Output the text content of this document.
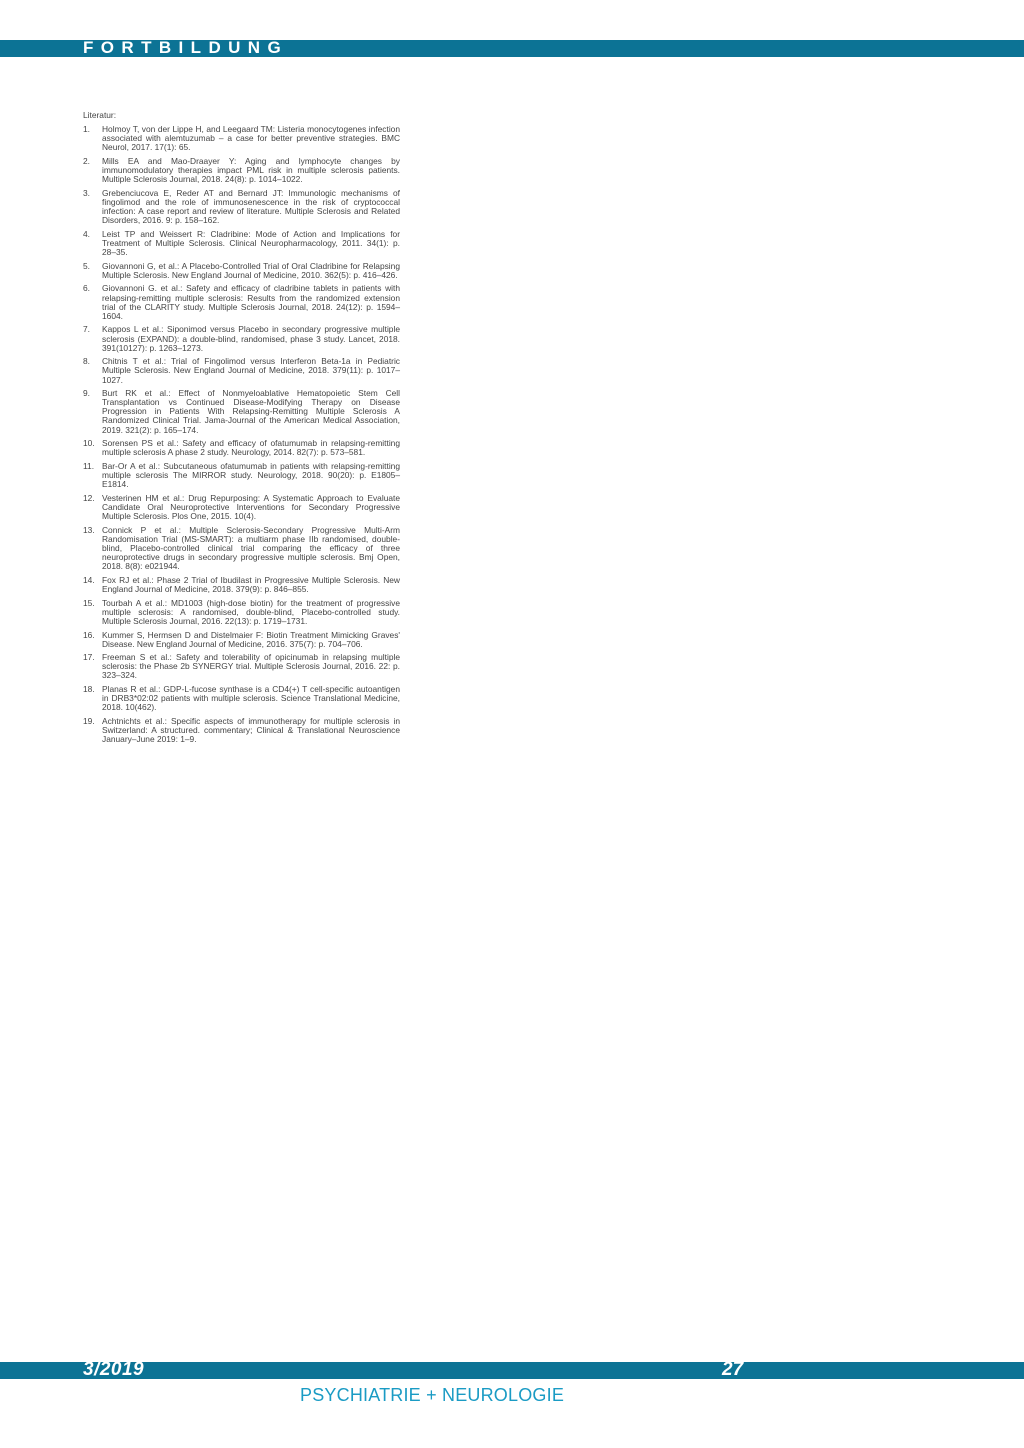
FORTBILDUNG
Literatur:
1. Holmoy T, von der Lippe H, and Leegaard TM: Listeria monocytogenes infection associated with alemtuzumab – a case for better preventive strategies. BMC Neurol, 2017. 17(1): 65.
2. Mills EA and Mao-Draayer Y: Aging and lymphocyte changes by immunomodulatory therapies impact PML risk in multiple sclerosis patients. Multiple Sclerosis Journal, 2018. 24(8): p. 1014–1022.
3. Grebenciucova E, Reder AT and Bernard JT: Immunologic mechanisms of fingolimod and the role of immunosenescence in the risk of cryptococcal infection: A case report and review of literature. Multiple Sclerosis and Related Disorders, 2016. 9: p. 158–162.
4. Leist TP and Weissert R: Cladribine: Mode of Action and Implications for Treatment of Multiple Sclerosis. Clinical Neuropharmacology, 2011. 34(1): p. 28–35.
5. Giovannoni G, et al.: A Placebo-Controlled Trial of Oral Cladribine for Relapsing Multiple Sclerosis. New England Journal of Medicine, 2010. 362(5): p. 416–426.
6. Giovannoni G. et al.: Safety and efficacy of cladribine tablets in patients with relapsing-remitting multiple sclerosis: Results from the randomized extension trial of the CLARITY study. Multiple Sclerosis Journal, 2018. 24(12): p. 1594–1604.
7. Kappos L et al.: Siponimod versus Placebo in secondary progressive multiple sclerosis (EXPAND): a double-blind, randomised, phase 3 study. Lancet, 2018. 391(10127): p. 1263–1273.
8. Chitnis T et al.: Trial of Fingolimod versus Interferon Beta-1a in Pediatric Multiple Sclerosis. New England Journal of Medicine, 2018. 379(11): p. 1017–1027.
9. Burt RK et al.: Effect of Nonmyeloablative Hematopoietic Stem Cell Transplantation vs Continued Disease-Modifying Therapy on Disease Progression in Patients With Relapsing-Remitting Multiple Sclerosis A Randomized Clinical Trial. Jama-Journal of the American Medical Association, 2019. 321(2): p. 165–174.
10. Sorensen PS et al.: Safety and efficacy of ofatumumab in relapsing-remitting multiple sclerosis A phase 2 study. Neurology, 2014. 82(7): p. 573–581.
11. Bar-Or A et al.: Subcutaneous ofatumumab in patients with relapsing-remitting multiple sclerosis The MIRROR study. Neurology, 2018. 90(20): p. E1805–E1814.
12. Vesterinen HM et al.: Drug Repurposing: A Systematic Approach to Evaluate Candidate Oral Neuroprotective Interventions for Secondary Progressive Multiple Sclerosis. Plos One, 2015. 10(4).
13. Connick P et al.: Multiple Sclerosis-Secondary Progressive Multi-Arm Randomisation Trial (MS-SMART): a multiarm phase IIb randomised, double-blind, Placebo-controlled clinical trial comparing the efficacy of three neuroprotective drugs in secondary progressive multiple sclerosis. Bmj Open, 2018. 8(8): e021944.
14. Fox RJ et al.: Phase 2 Trial of Ibudilast in Progressive Multiple Sclerosis. New England Journal of Medicine, 2018. 379(9): p. 846–855.
15. Tourbah A et al.: MD1003 (high-dose biotin) for the treatment of progressive multiple sclerosis: A randomised, double-blind, Placebo-controlled study. Multiple Sclerosis Journal, 2016. 22(13): p. 1719–1731.
16. Kummer S, Hermsen D and Distelmaier F: Biotin Treatment Mimicking Graves' Disease. New England Journal of Medicine, 2016. 375(7): p. 704–706.
17. Freeman S et al.: Safety and tolerability of opicinumab in relapsing multiple sclerosis: the Phase 2b SYNERGY trial. Multiple Sclerosis Journal, 2016. 22: p. 323–324.
18. Planas R et al.: GDP-L-fucose synthase is a CD4(+) T cell-specific autoantigen in DRB3*02:02 patients with multiple sclerosis. Science Translational Medicine, 2018. 10(462).
19. Achtnichts et al.: Specific aspects of immunotherapy for multiple sclerosis in Switzerland: A structured. commentary; Clinical & Translational Neuroscience January–June 2019: 1–9.
3/2019	27
PSYCHIATRIE + NEUROLOGIE
